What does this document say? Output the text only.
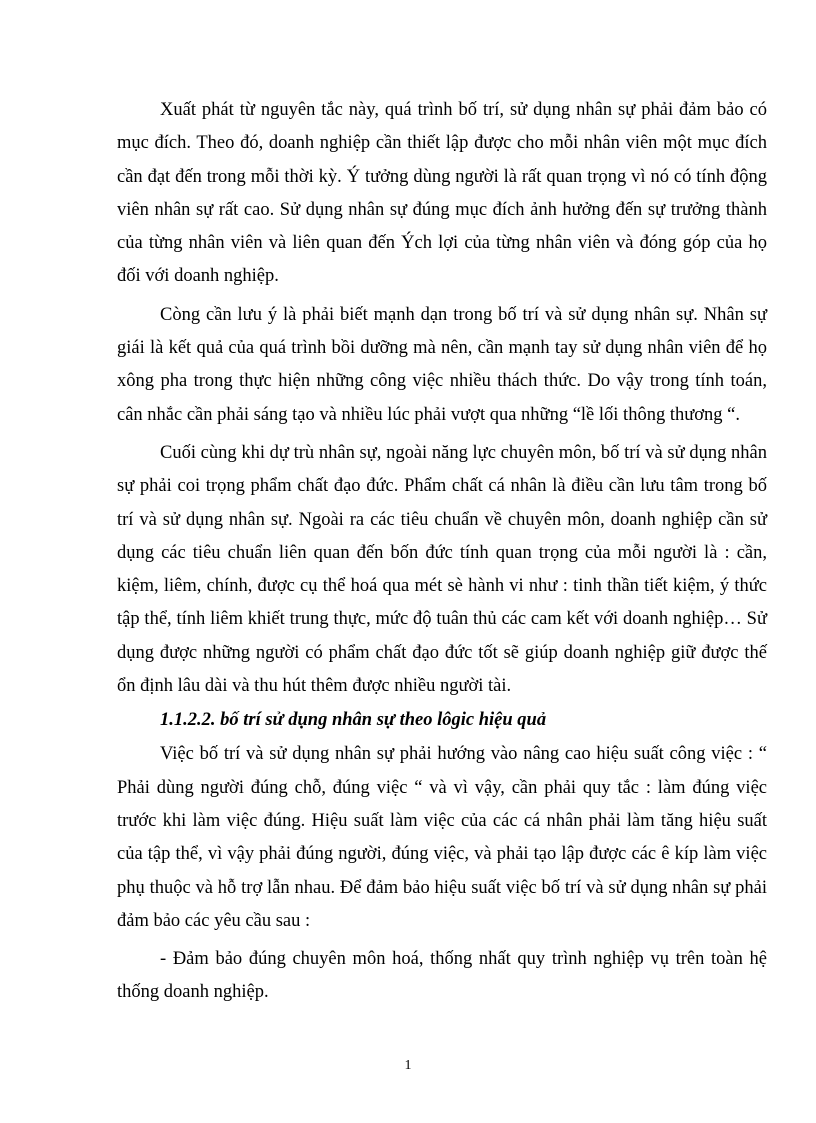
Xuất phát từ nguyên tắc này, quá trình bố trí, sử dụng nhân sự phải đảm bảo có mục đích. Theo đó, doanh nghiệp cần thiết lập được cho mỗi nhân viên một mục đích cần đạt đến trong mỗi thời kỳ. Ý tưởng dùng người là rất quan trọng vì nó có tính động viên nhân sự rất cao. Sử dụng nhân sự đúng mục đích ảnh hưởng đến sự trưởng thành của từng nhân viên và liên quan đến Ých lợi của từng nhân viên và đóng góp của họ đối với doanh nghiệp.

Còng cần lưu ý là phải biết mạnh dạn trong bố trí và sử dụng nhân sự. Nhân sự giái là kết quả của quá trình bồi dưỡng mà nên, cần mạnh tay sử dụng nhân viên để họ xông pha trong thực hiện những công việc nhiều thách thức. Do vậy trong tính toán, cân nhắc cần phải sáng tạo và nhiều lúc phải vượt qua những “lề lối thông thương “.

Cuối cùng khi dự trù nhân sự, ngoài năng lực chuyên môn, bố trí và sử dụng nhân sự phải coi trọng phẩm chất đạo đức. Phẩm chất cá nhân là điều cần lưu tâm trong bố trí và sử dụng nhân sự. Ngoài ra các tiêu chuẩn về chuyên môn, doanh nghiệp cần sử dụng các tiêu chuẩn liên quan đến bốn đức tính quan trọng của mỗi người là : cần, kiệm, liêm, chính, được cụ thể hoá qua mét sè hành vi như : tinh thần tiết kiệm, ý thức tập thể, tính liêm khiết trung thực, mức độ tuân thủ các cam kết với doanh nghiệp… Sử dụng được những người có phẩm chất đạo đức tốt sẽ giúp doanh nghiệp giữ được thế ổn định lâu dài và thu hút thêm được nhiều người tài.

1.1.2.2. bố trí sử dụng nhân sự theo lôgic hiệu quả

Việc bố trí và sử dụng nhân sự phải hướng vào nâng cao hiệu suất công việc : “ Phải dùng người đúng chỗ, đúng việc “ và vì vậy, cần phải quy tắc : làm đúng việc trước khi làm việc đúng. Hiệu suất làm việc của các cá nhân phải làm tăng hiệu suất của tập thể, vì vậy phải đúng người, đúng việc, và phải tạo lập được các ê kíp làm việc phụ thuộc và hỗ trợ lẫn nhau. Để đảm bảo hiệu suất việc bố trí và sử dụng nhân sự phải đảm bảo các yêu cầu sau :

- Đảm bảo đúng chuyên môn hoá, thống nhất quy trình nghiệp vụ trên toàn hệ thống doanh nghiệp.

1
